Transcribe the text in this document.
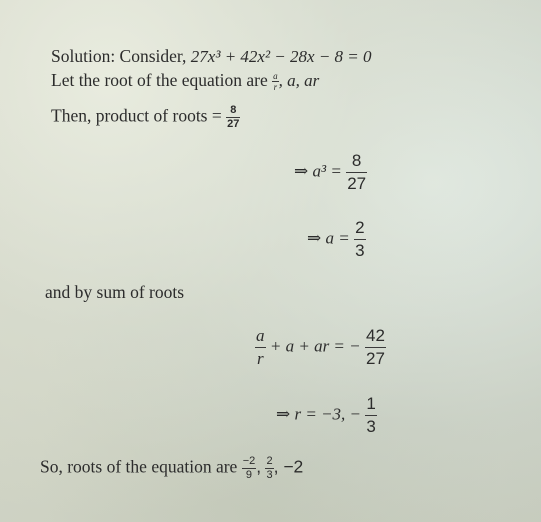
Solution: Consider, 27x³ + 42x² − 28x − 8 = 0
Let the root of the equation are $\frac{a}{r}$ , a, ar
Then, product of roots = $\frac{8}{27}$
⇒ $a^3 = \frac{8}{27}$
⇒ $a = \frac{2}{3}$
and by sum of roots
$\frac{a}{r} + a$ + ar = − $\frac{42}{27}$
⇒ r = −3, − $\frac{1}{3}$
So, roots of the equation are $\frac{-2}{9}$ , $\frac{2}{3}$ , −2
